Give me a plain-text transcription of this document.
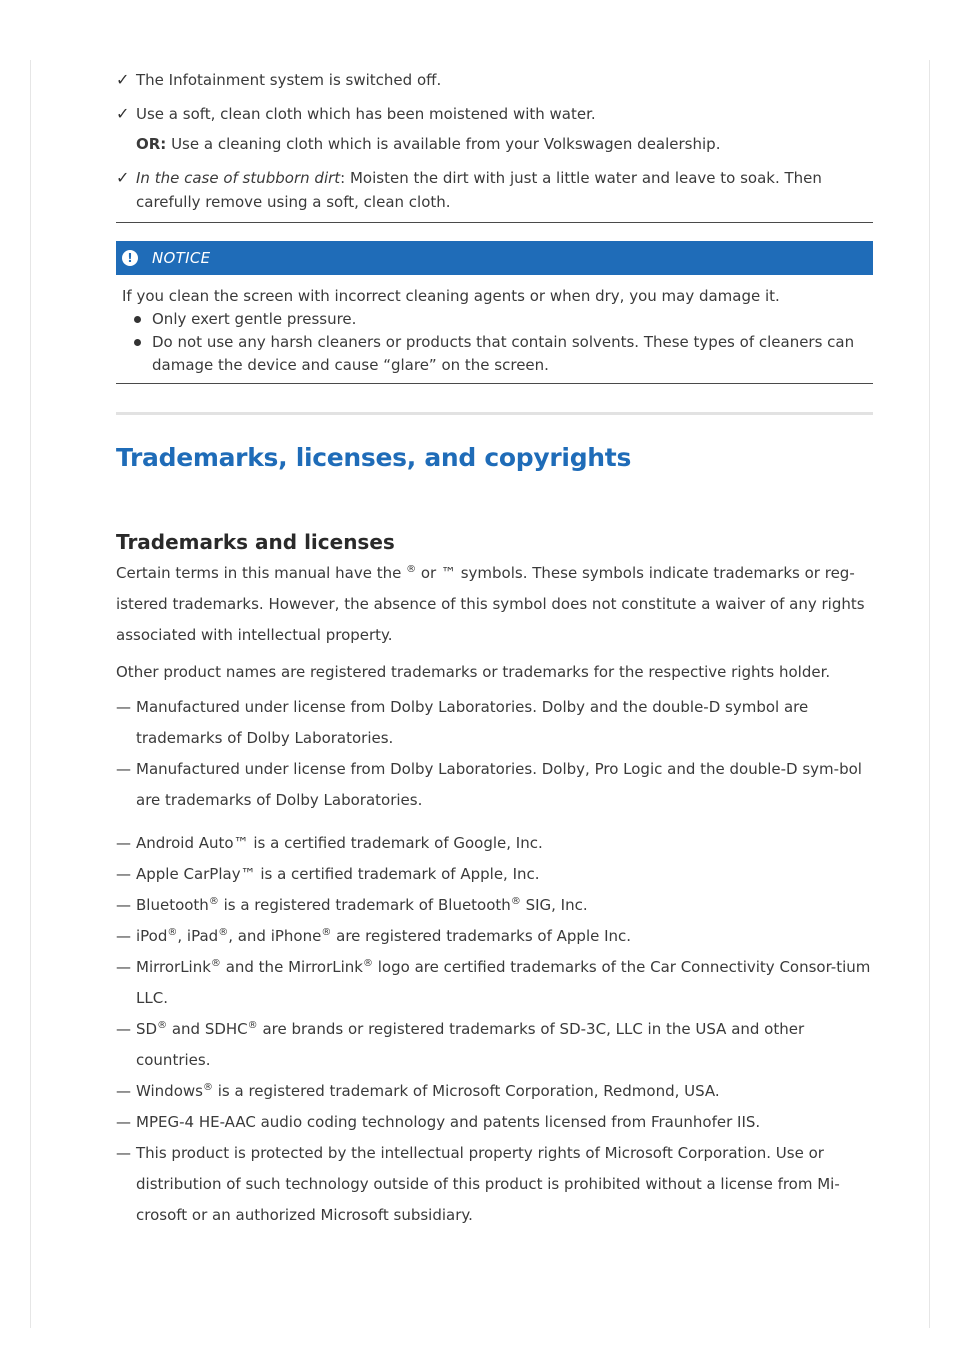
✓ The Infotainment system is switched off.
✓ Use a soft, clean cloth which has been moistened with water.
OR: Use a cleaning cloth which is available from your Volkswagen dealership.
✓ In the case of stubborn dirt: Moisten the dirt with just a little water and leave to soak. Then carefully remove using a soft, clean cloth.
!	NOTICE
If you clean the screen with incorrect cleaning agents or when dry, you may damage it.
Only exert gentle pressure.
Do not use any harsh cleaners or products that contain solvents. These types of cleaners can damage the device and cause “glare” on the screen.
Trademarks, licenses, and copyrights
Trademarks and licenses
Certain terms in this manual have the ® or ™ symbols. These symbols indicate trademarks or reg-istered trademarks. However, the absence of this symbol does not constitute a waiver of any rights associated with intellectual property.
Other product names are registered trademarks or trademarks for the respective rights holder.
— Manufactured under license from Dolby Laboratories. Dolby and the double-D symbol are trademarks of Dolby Laboratories.
— Manufactured under license from Dolby Laboratories. Dolby, Pro Logic and the double-D sym-bol are trademarks of Dolby Laboratories.
— Android Auto™ is a certified trademark of Google, Inc.
— Apple CarPlay™ is a certified trademark of Apple, Inc.
— Bluetooth® is a registered trademark of Bluetooth® SIG, Inc.
— iPod®, iPad®, and iPhone® are registered trademarks of Apple Inc.
— MirrorLink® and the MirrorLink® logo are certified trademarks of the Car Connectivity Consor-tium LLC.
— SD® and SDHC® are brands or registered trademarks of SD-3C, LLC in the USA and other countries.
— Windows® is a registered trademark of Microsoft Corporation, Redmond, USA.
— MPEG-4 HE-AAC audio coding technology and patents licensed from Fraunhofer IIS.
— This product is protected by the intellectual property rights of Microsoft Corporation. Use or distribution of such technology outside of this product is prohibited without a license from Mi-crosoft or an authorized Microsoft subsidiary.
